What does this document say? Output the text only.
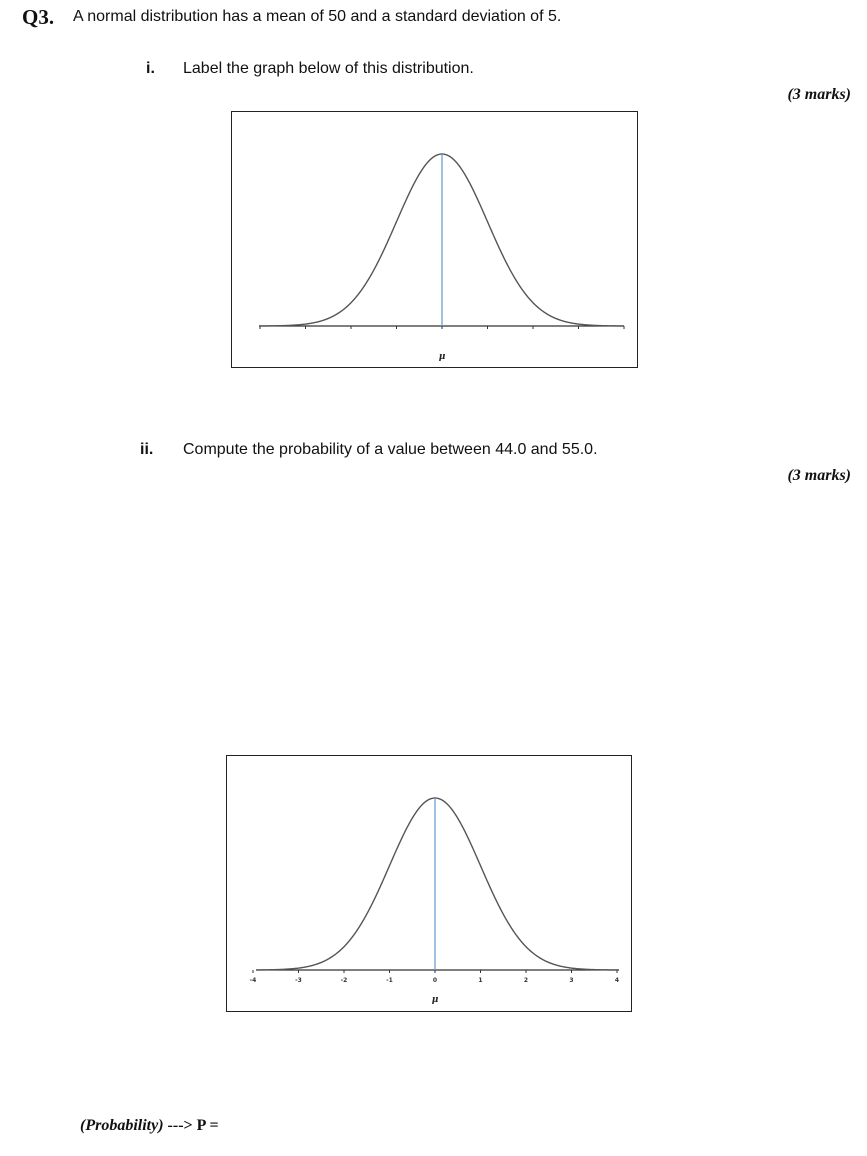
Q3. A normal distribution has a mean of 50 and a standard deviation of 5.
i. Label the graph below of this distribution.
(3 marks)
μ
ii. Compute the probability of a value between 44.0 and 55.0.
(3 marks)
-4	-3	-2	-1	0	1	2	3	4
μ
(Probability) ---> P =
